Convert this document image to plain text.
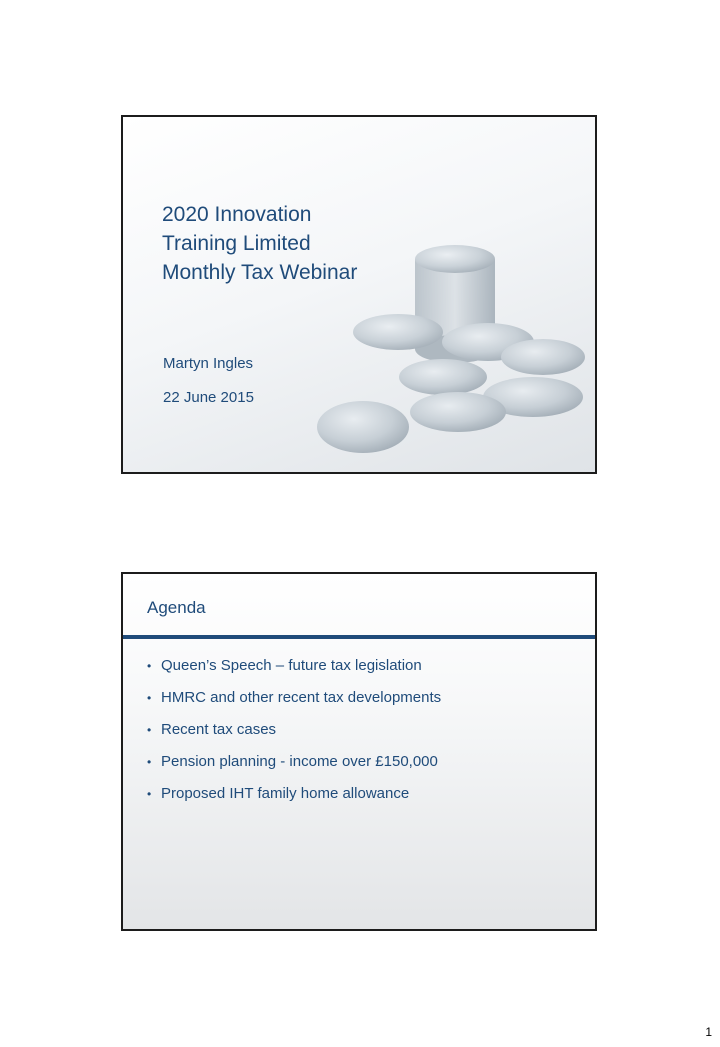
2020 Innovation
Training Limited
Monthly Tax Webinar
Martyn Ingles
22 June 2015
Agenda
• Queen’s Speech – future tax legislation
• HMRC and other recent tax developments
• Recent tax cases
• Pension planning - income over £150,000
• Proposed IHT family home allowance
1
